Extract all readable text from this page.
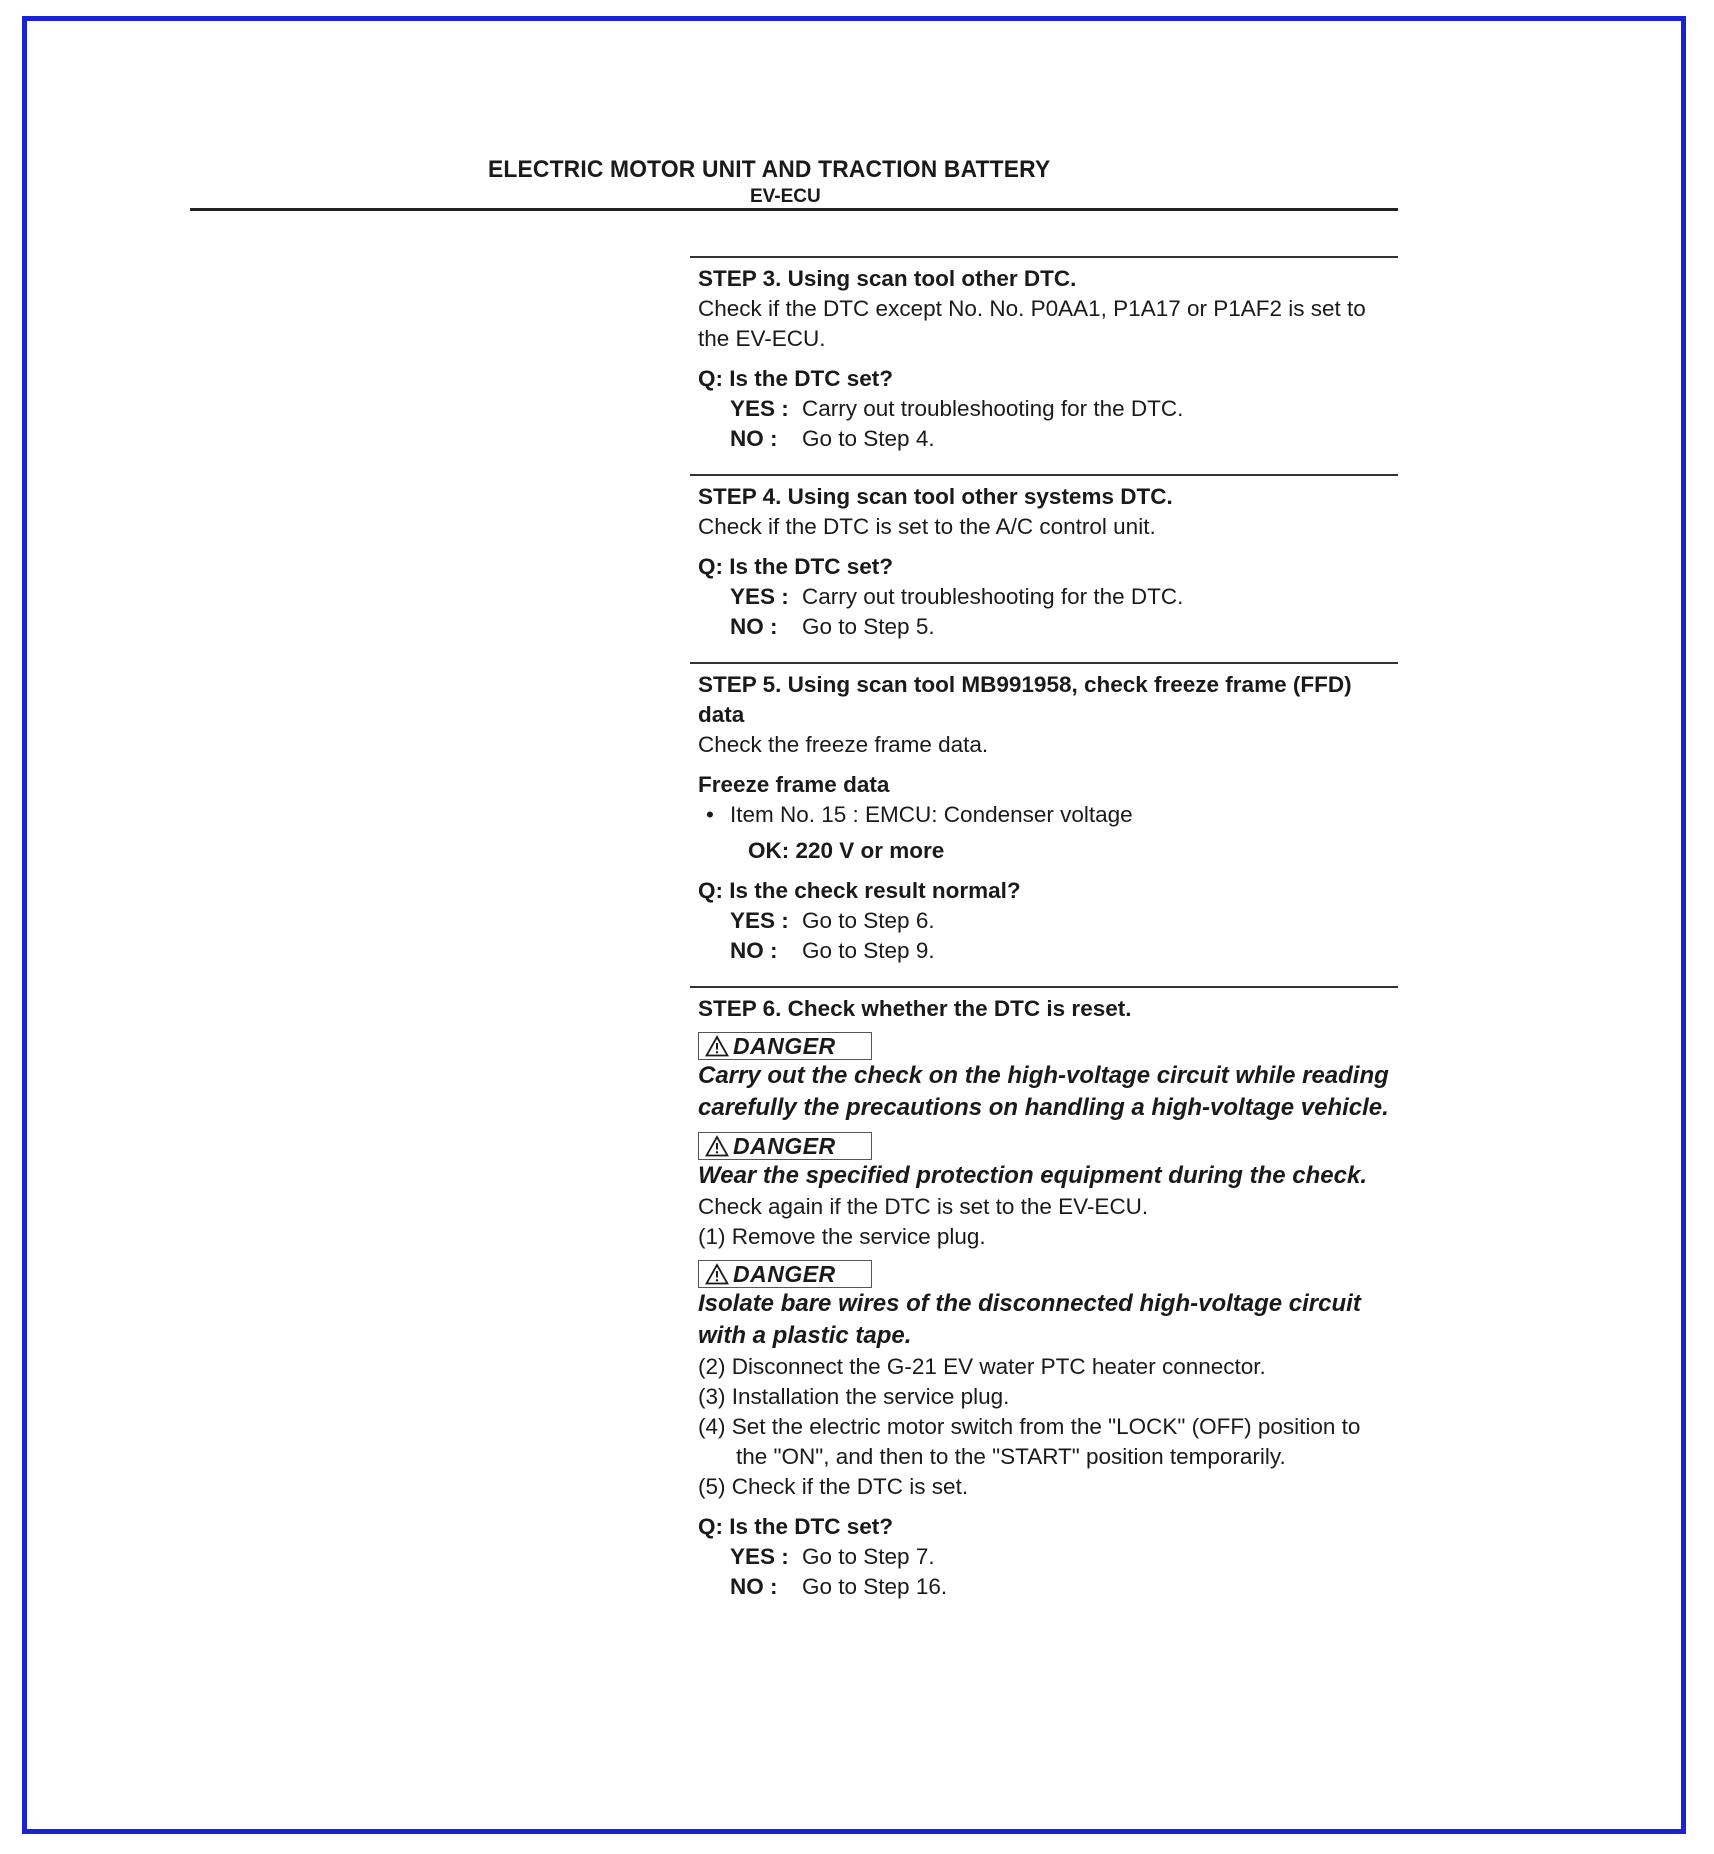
ELECTRIC MOTOR UNIT AND TRACTION BATTERY
EV-ECU
STEP 3. Using scan tool other DTC.
Check if the DTC except No. No. P0AA1, P1A17 or P1AF2 is set to the EV-ECU.
Q: Is the DTC set?
YES : Carry out troubleshooting for the DTC.
NO : Go to Step 4.
STEP 4. Using scan tool other systems DTC.
Check if the DTC is set to the A/C control unit.
Q: Is the DTC set?
YES : Carry out troubleshooting for the DTC.
NO : Go to Step 5.
STEP 5. Using scan tool MB991958, check freeze frame (FFD) data
Check the freeze frame data.
Freeze frame data
• Item No. 15 : EMCU: Condenser voltage
OK: 220 V or more
Q: Is the check result normal?
YES : Go to Step 6.
NO : Go to Step 9.
STEP 6. Check whether the DTC is reset.
DANGER
Carry out the check on the high-voltage circuit while reading carefully the precautions on handling a high-voltage vehicle.
DANGER
Wear the specified protection equipment during the check.
Check again if the DTC is set to the EV-ECU.
(1) Remove the service plug.
DANGER
Isolate bare wires of the disconnected high-voltage circuit with a plastic tape.
(2) Disconnect the G-21 EV water PTC heater connector.
(3) Installation the service plug.
(4) Set the electric motor switch from the "LOCK" (OFF) position to the "ON", and then to the "START" position temporarily.
(5) Check if the DTC is set.
Q: Is the DTC set?
YES : Go to Step 7.
NO : Go to Step 16.
